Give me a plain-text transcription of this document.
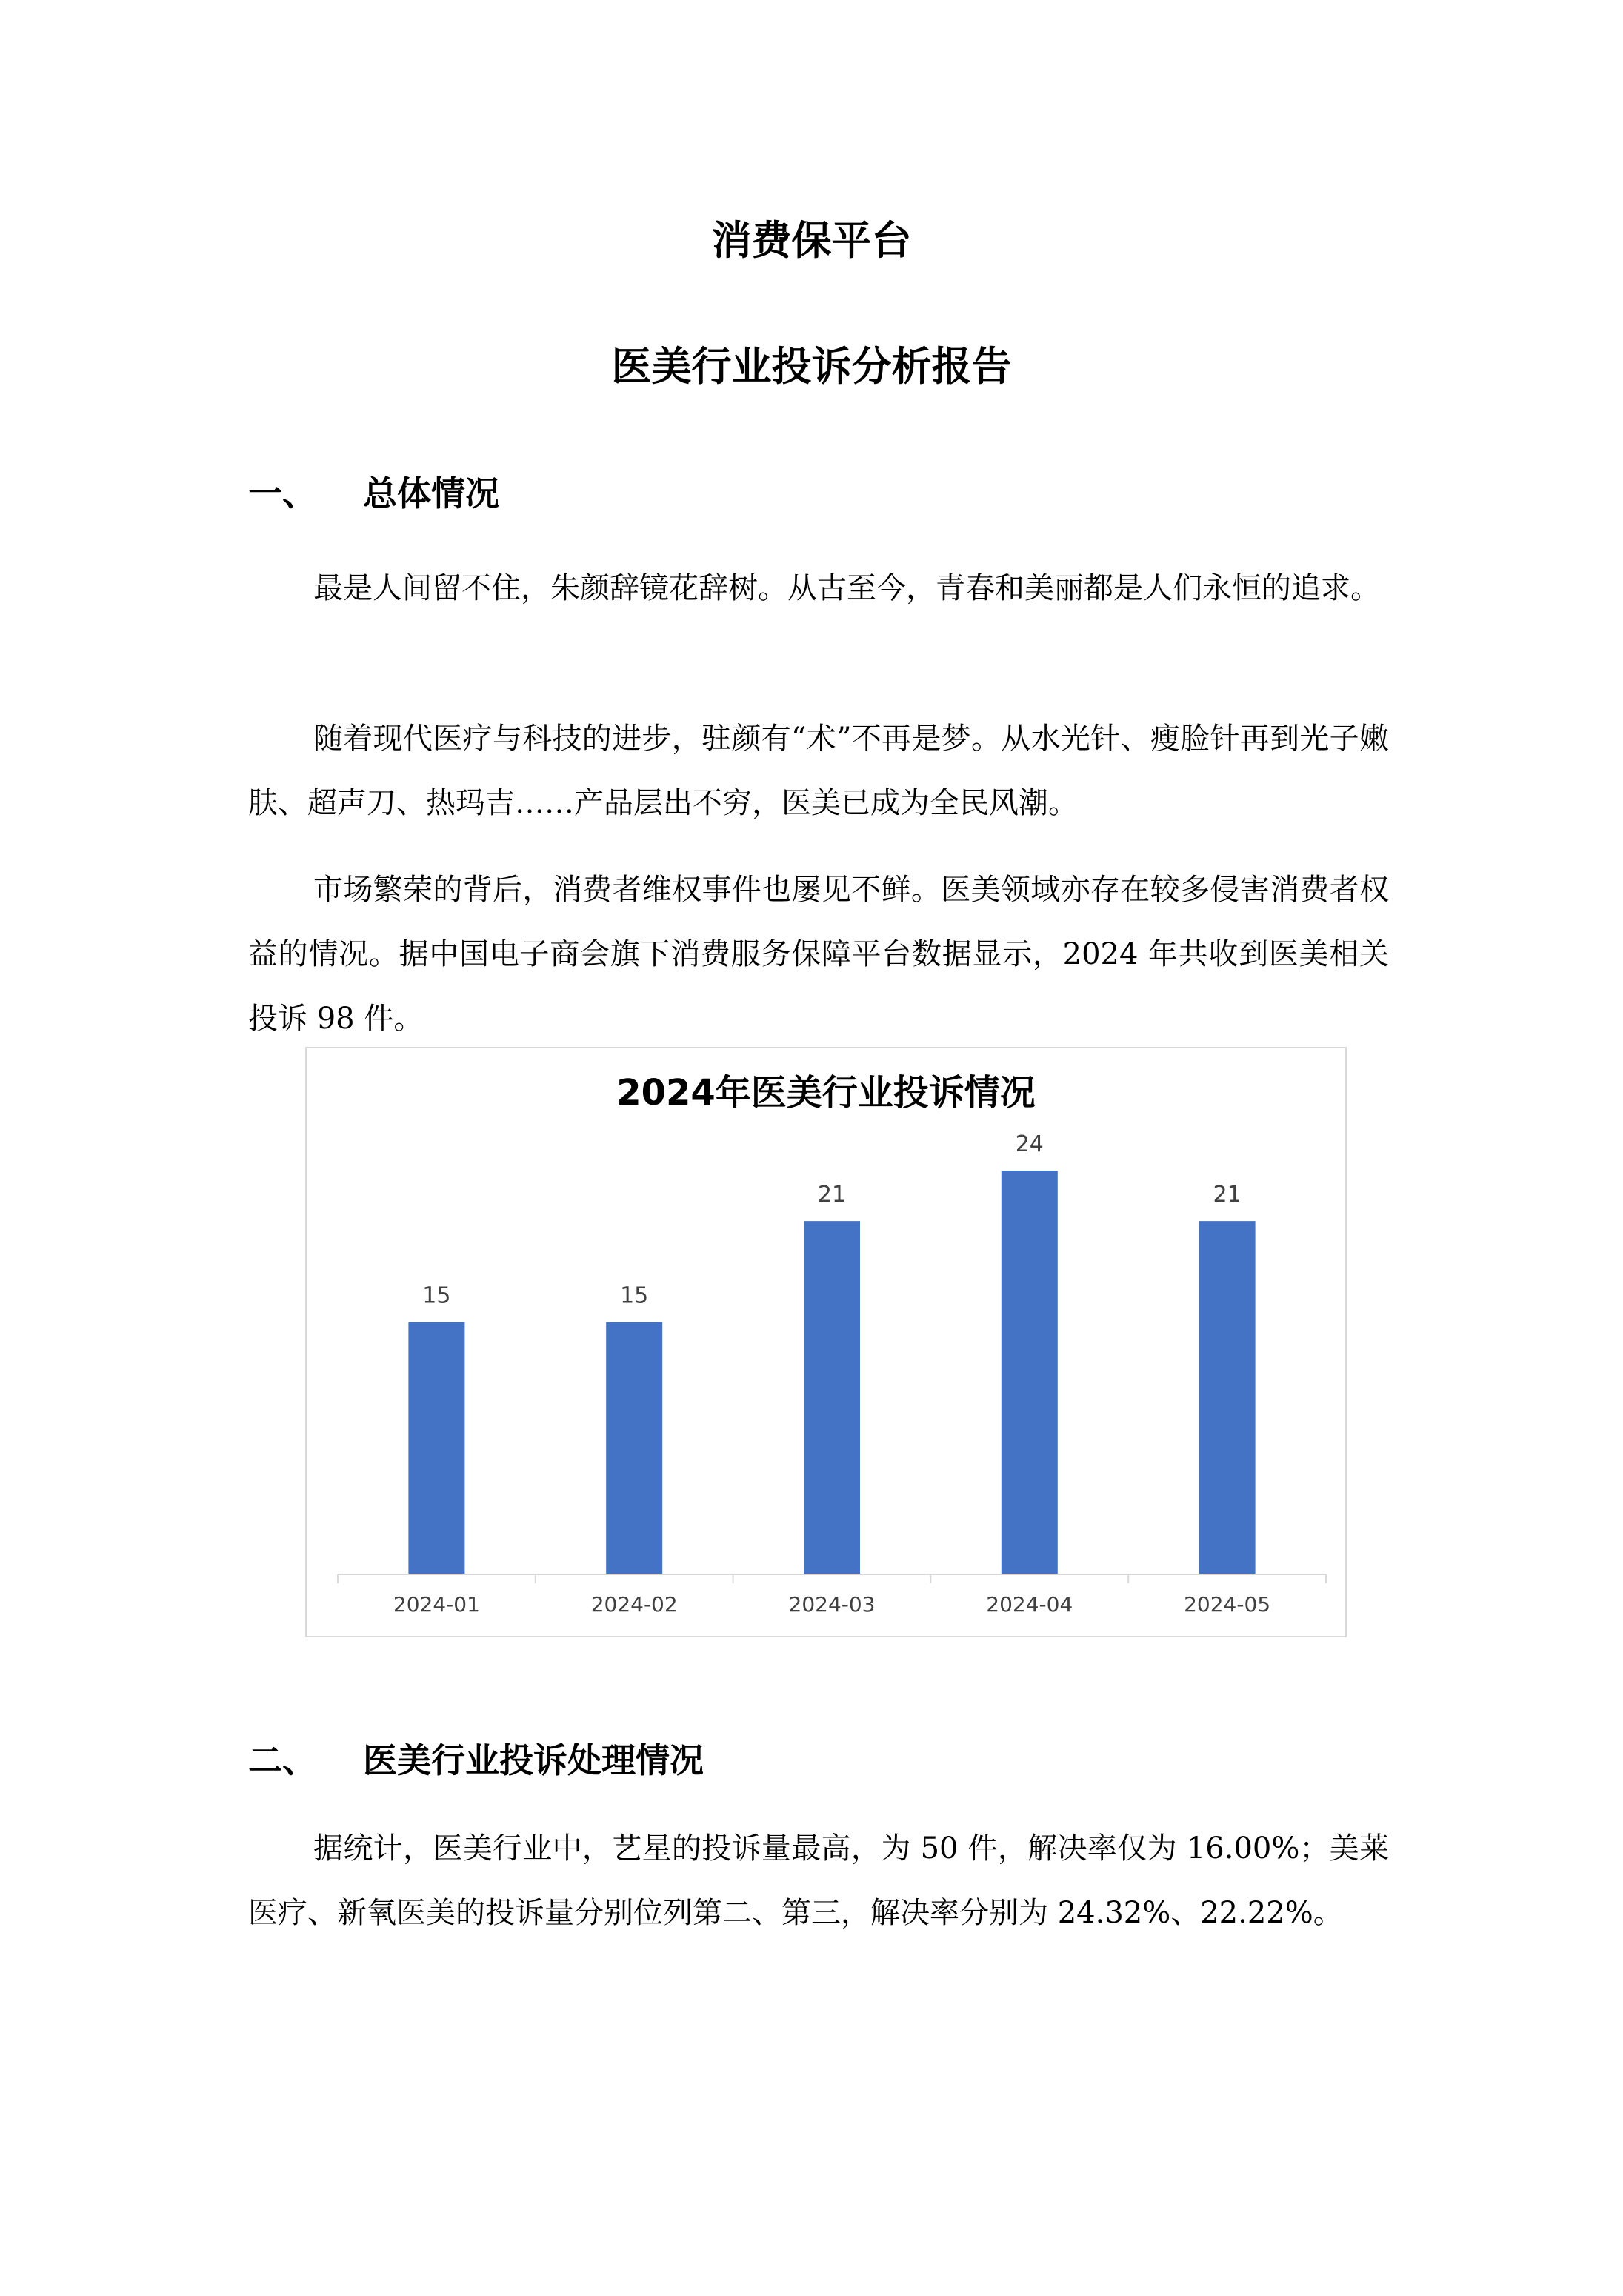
消费保平台
医美行业投诉分析报告
一、 总体情况

最是人间留不住，朱颜辞镜花辞树。从古至今，青春和美丽都是人们永恒的追求。

随着现代医疗与科技的进步，驻颜有“术”不再是梦。从水光针、瘦脸针再到光子嫩肤、超声刀、热玛吉……产品层出不穷，医美已成为全民风潮。

市场繁荣的背后，消费者维权事件也屡见不鲜。医美领域亦存在较多侵害消费者权益的情况。据中国电子商会旗下消费服务保障平台数据显示，2024 年共收到医美相关投诉 98 件。

2024年医美行业投诉情况
15	15
21
24
21
2024-01	2024-02	2024-03	2024-04	2024-05
二、 医美行业投诉处理情况

据统计，医美行业中，艺星的投诉量最高，为 50 件，解决率仅为 16.00%；美莱医疗、新氧医美的投诉量分别位列第二、第三，解决率分别为 24.32%、22.22%。
